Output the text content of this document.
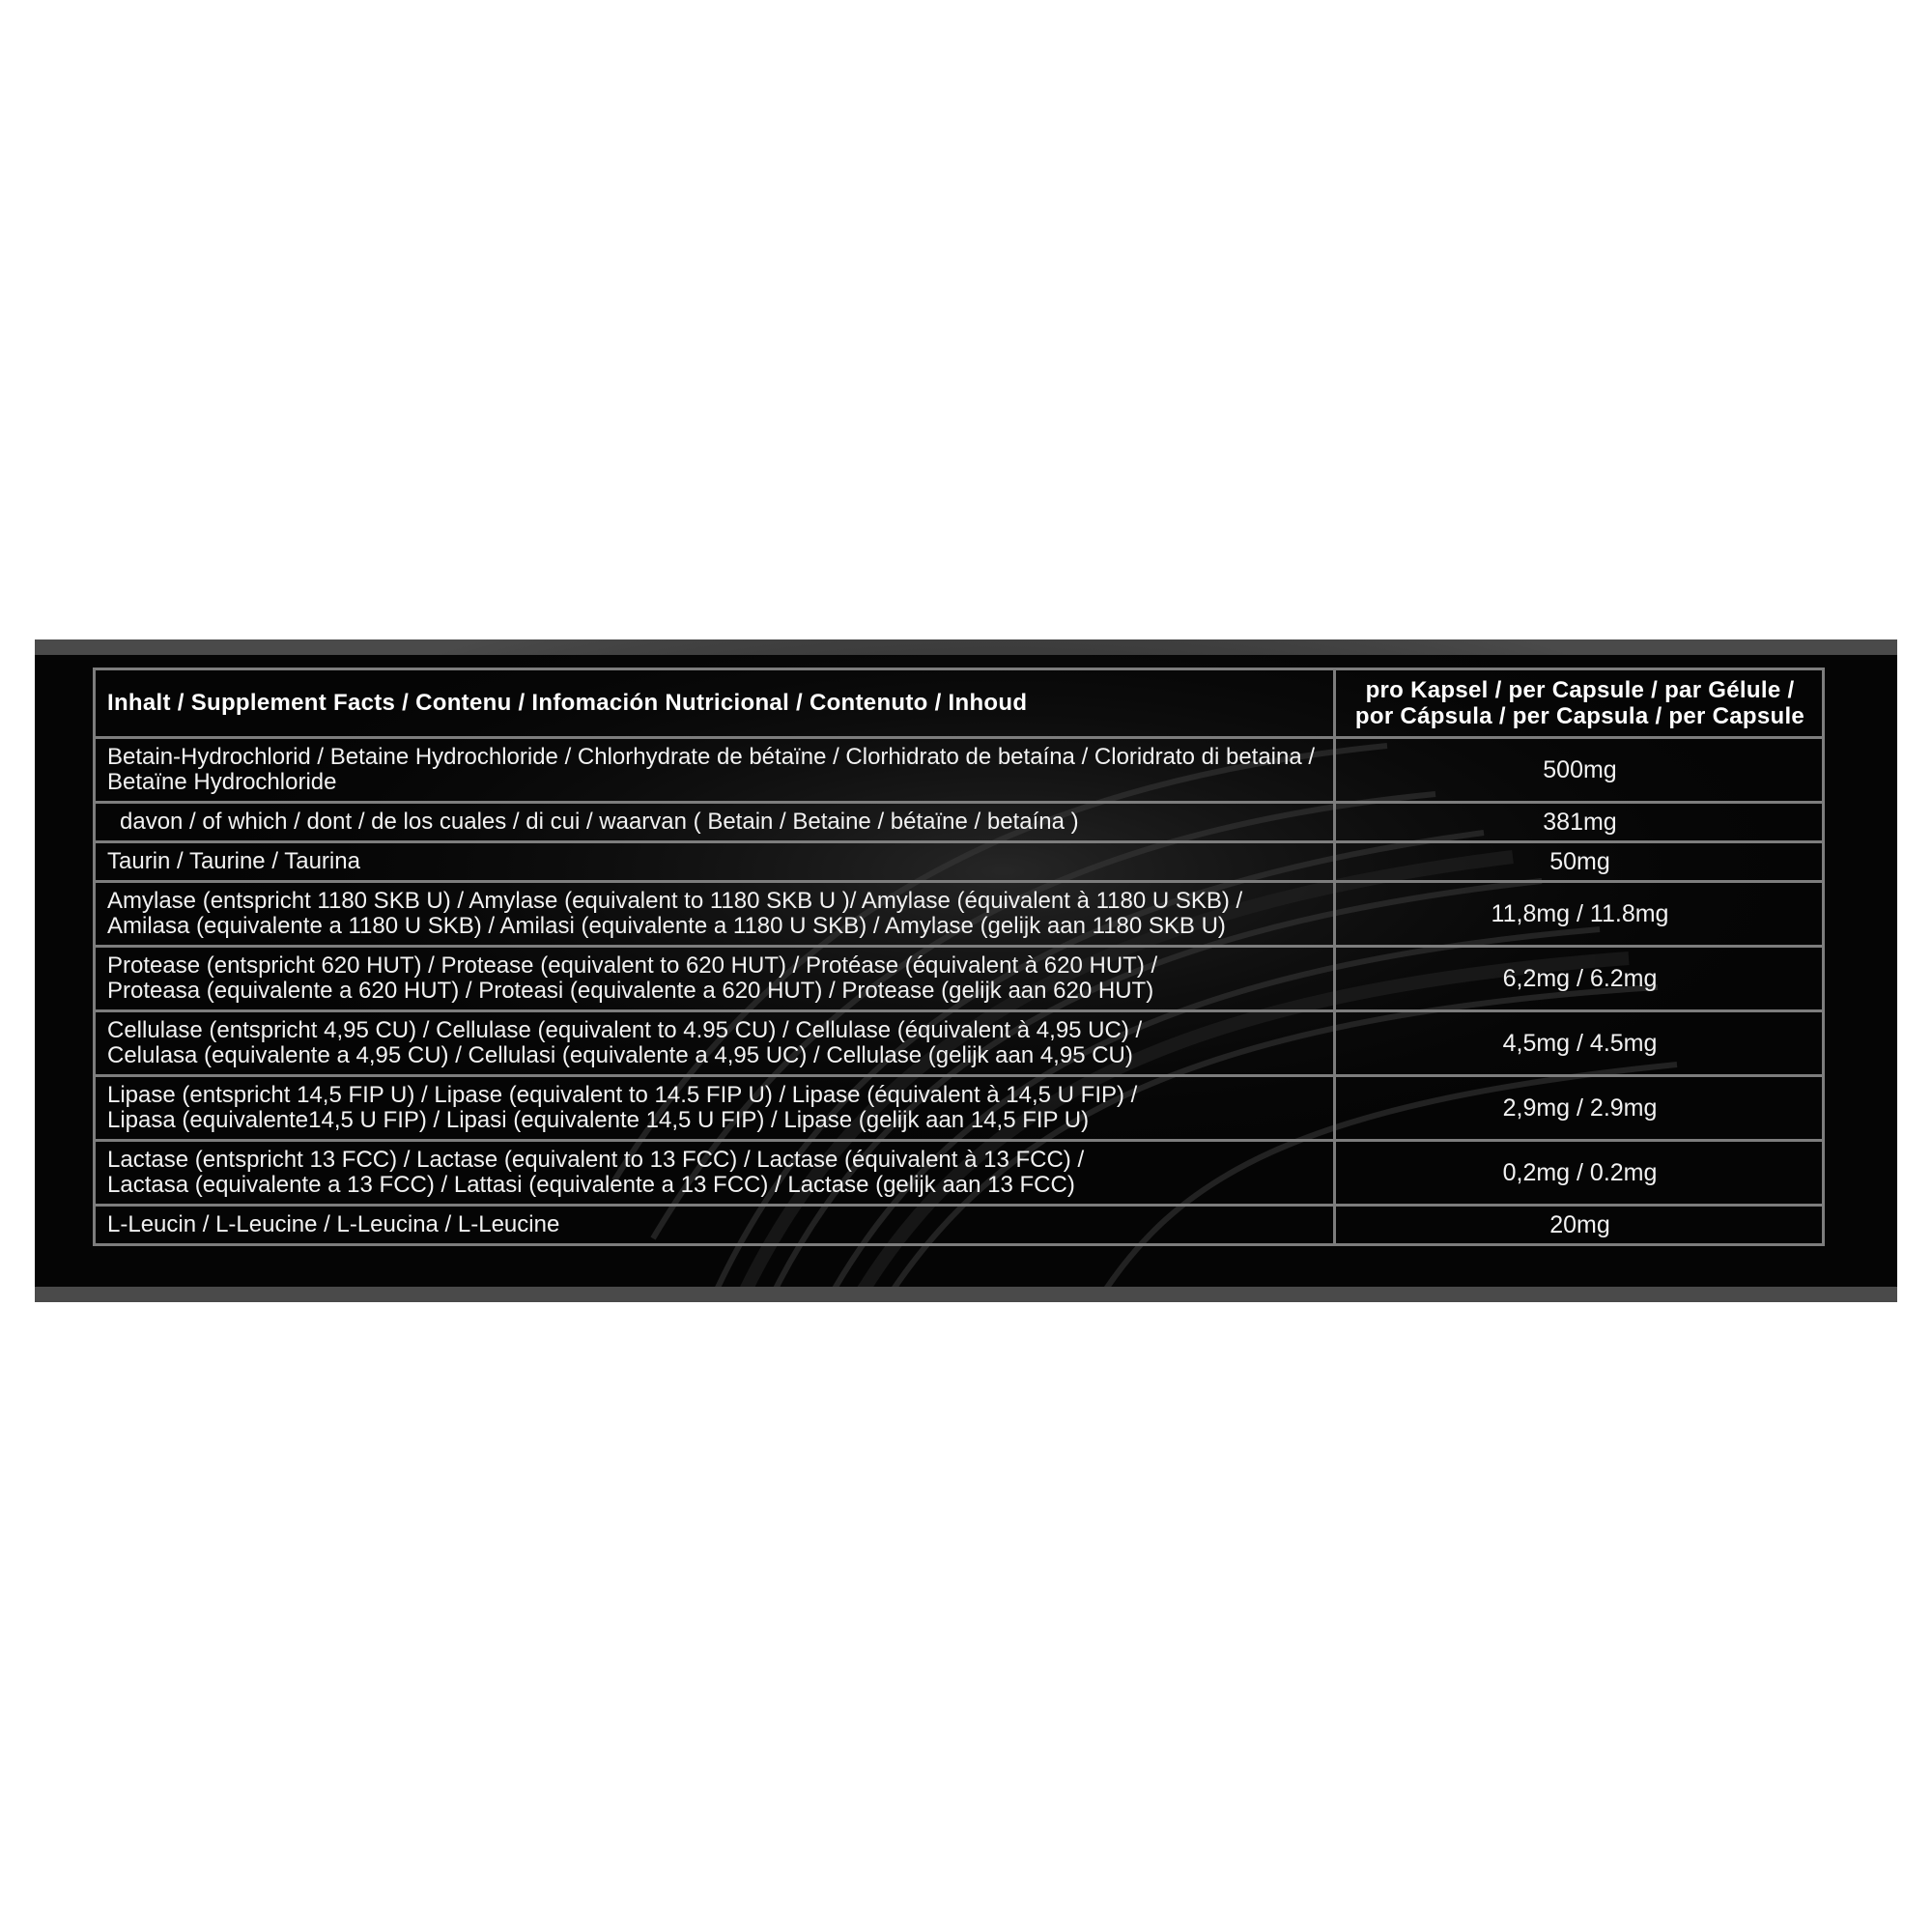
Inhalt / Supplement Facts / Contenu / Infomación Nutricional / Contenuto / Inhoud	pro Kapsel / per Capsule / par Gélule /
por Cápsula / per Capsula / per Capsule
Betain-Hydrochlorid / Betaine Hydrochloride / Chlorhydrate de bétaïne / Clorhidrato de betaína / Cloridrato di betaina /
Betaïne Hydrochloride	500mg
davon / of which / dont / de los cuales / di cui / waarvan ( Betain / Betaine / bétaïne / betaína )	381mg
Taurin / Taurine / Taurina	50mg
Amylase (entspricht 1180 SKB U) / Amylase (equivalent to 1180 SKB U )/ Amylase (équivalent à 1180 U SKB) /
Amilasa (equivalente a 1180 U SKB) / Amilasi (equivalente a 1180 U SKB) / Amylase (gelijk aan 1180 SKB U)	11,8mg / 11.8mg
Protease (entspricht 620 HUT) / Protease (equivalent to 620 HUT) / Protéase (équivalent à 620 HUT) /
Proteasa (equivalente a 620 HUT) / Proteasi (equivalente a 620 HUT) / Protease (gelijk aan 620 HUT)	6,2mg / 6.2mg
Cellulase (entspricht 4,95 CU) / Cellulase (equivalent to 4.95 CU) / Cellulase (équivalent à 4,95 UC) /
Celulasa (equivalente a 4,95 CU) / Cellulasi (equivalente a 4,95 UC) / Cellulase (gelijk aan 4,95 CU)	4,5mg / 4.5mg
Lipase (entspricht 14,5 FIP U) / Lipase (equivalent to 14.5 FIP U) / Lipase (équivalent à 14,5 U FIP) /
Lipasa (equivalente14,5 U FIP) / Lipasi (equivalente 14,5 U FIP) / Lipase (gelijk aan 14,5 FIP U)	2,9mg / 2.9mg
Lactase (entspricht 13 FCC) / Lactase (equivalent to 13 FCC) / Lactase (équivalent à 13 FCC) /
Lactasa (equivalente a 13 FCC) / Lattasi (equivalente a 13 FCC) / Lactase (gelijk aan 13 FCC)	0,2mg / 0.2mg
L-Leucin / L-Leucine / L-Leucina / L-Leucine	20mg
